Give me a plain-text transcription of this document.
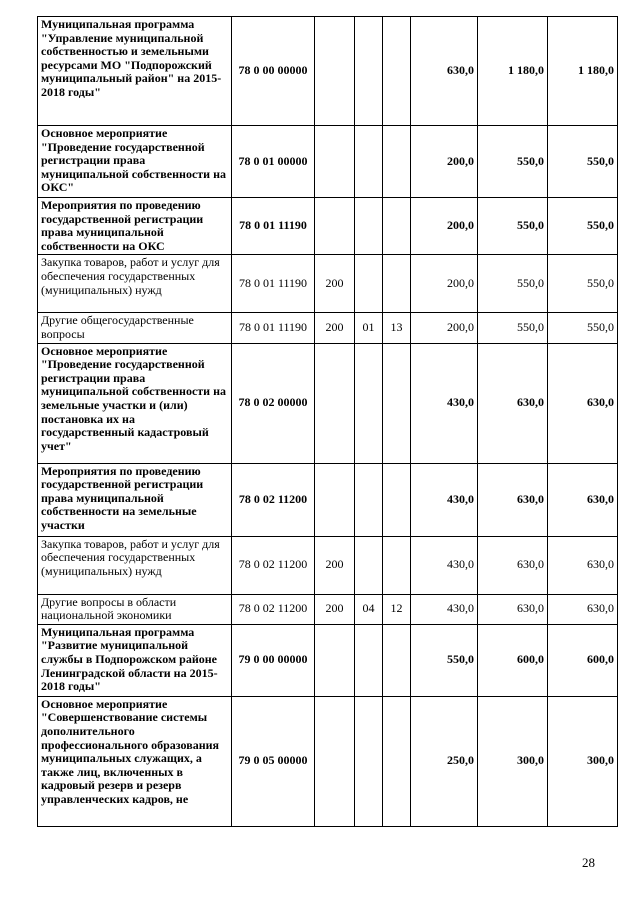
Муниципальная программа "Управление муниципальной собственностью и земельными ресурсами МО "Подпорожский муниципальный район" на 2015-2018 годы"	78 0 00 00000				630,0	1 180,0	1 180,0
Основное мероприятие "Проведение государственной регистрации права муниципальной собственности на ОКС"	78 0 01 00000				200,0	550,0	550,0
Мероприятия по проведению государственной регистрации права муниципальной собственности на ОКС	78 0 01 11190				200,0	550,0	550,0
Закупка товаров, работ и услуг для обеспечения государственных (муниципальных) нужд	78 0 01 11190	200			200,0	550,0	550,0
Другие общегосударственные вопросы	78 0 01 11190	200	01	13	200,0	550,0	550,0
Основное мероприятие "Проведение государственной регистрации права муниципальной собственности на земельные участки и (или) постановка их на государственный кадастровый учет"	78 0 02 00000				430,0	630,0	630,0
Мероприятия по проведению государственной регистрации права муниципальной собственности на земельные участки	78 0 02 11200				430,0	630,0	630,0
Закупка товаров, работ и услуг для обеспечения государственных (муниципальных) нужд	78 0 02 11200	200			430,0	630,0	630,0
Другие вопросы в области национальной экономики	78 0 02 11200	200	04	12	430,0	630,0	630,0
Муниципальная программа "Развитие муниципальной службы в Подпорожском районе Ленинградской области на 2015-2018 годы"	79 0 00 00000				550,0	600,0	600,0
Основное мероприятие "Совершенствование системы дополнительного профессионального образования муниципальных служащих, а также лиц, включенных в кадровый резерв и резерв управленческих кадров, не	79 0 05 00000				250,0	300,0	300,0
28
